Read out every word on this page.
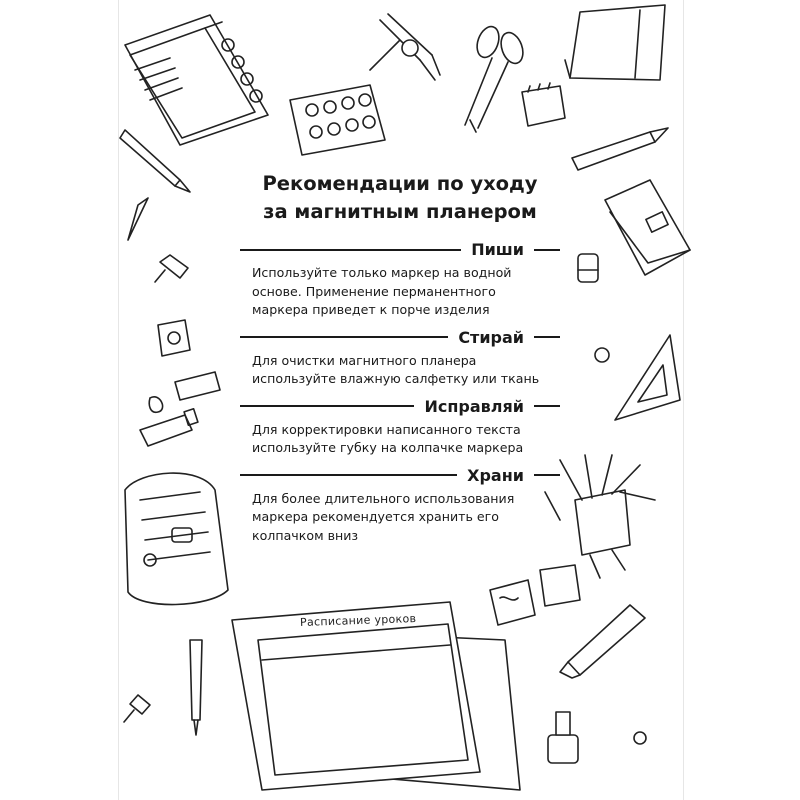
Расписание уроков
Рекомендации по уходу
за магнитным планером
Пиши
Используйте только маркер на водной
основе. Применение перманентного
маркера приведет к порче изделия
Стирай
Для очистки магнитного планера
используйте влажную салфетку или ткань
Исправляй
Для корректировки написанного текста
используйте губку на колпачке маркера
Храни
Для более длительного использования
маркера рекомендуется хранить его
колпачком вниз
